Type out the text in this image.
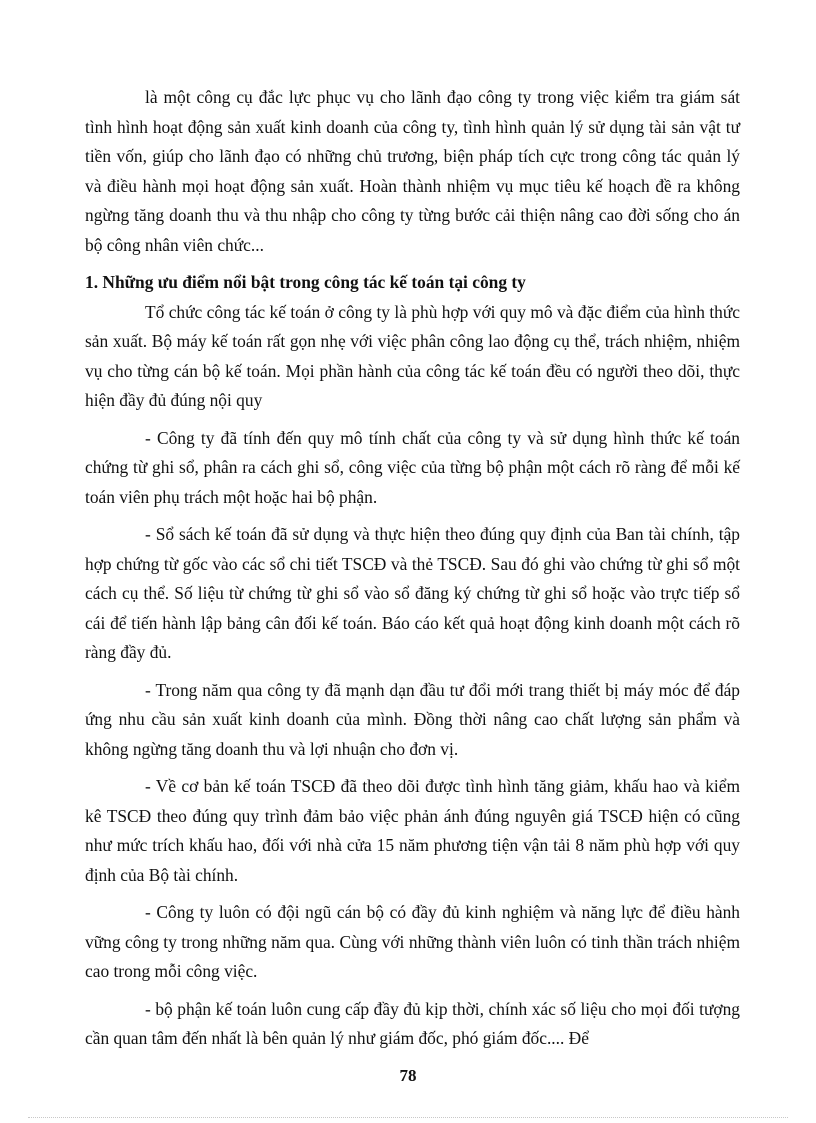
là một công cụ đắc lực phục vụ cho lãnh đạo công ty trong việc kiểm tra giám sát tình hình hoạt động sản xuất kinh doanh của công ty, tình hình quản lý sử dụng tài sản vật tư tiền vốn, giúp cho lãnh đạo có những chủ trương, biện pháp tích cực trong công tác quản lý và điều hành mọi hoạt động sản xuất. Hoàn thành nhiệm vụ mục tiêu kế hoạch đề ra không ngừng tăng doanh thu và thu nhập cho công ty từng bước cải thiện nâng cao đời sống cho án bộ công nhân viên chức...

1. Những ưu điểm nổi bật trong công tác kế toán tại công ty

Tổ chức công tác kế toán ở công ty là phù hợp với quy mô và đặc điểm của hình thức sản xuất. Bộ máy kế toán rất gọn nhẹ với việc phân công lao động cụ thể, trách nhiệm, nhiệm vụ cho từng cán bộ kế toán. Mọi phần hành của công tác kế toán đều có người theo dõi, thực hiện đầy đủ đúng nội quy

- Công ty đã tính đến quy mô tính chất của công ty và sử dụng hình thức kế toán chứng từ ghi sổ, phân ra cách ghi sổ, công việc của từng bộ phận một cách rõ ràng để mỗi kế toán viên phụ trách một hoặc hai bộ phận.

- Sổ sách kế toán đã sử dụng và thực hiện theo đúng quy định của Ban tài chính, tập hợp chứng từ gốc vào các sổ chi tiết TSCĐ và thẻ TSCĐ. Sau đó ghi vào chứng từ ghi sổ một cách cụ thể. Số liệu từ chứng từ ghi sổ vào sổ đăng ký chứng từ ghi sổ hoặc vào trực tiếp sổ cái để tiến hành lập bảng cân đối kế toán. Báo cáo kết quả hoạt động kinh doanh một cách rõ ràng đầy đủ.

- Trong năm qua công ty đã mạnh dạn đầu tư đổi mới trang thiết bị máy móc để đáp ứng nhu cầu sản xuất kinh doanh của mình. Đồng thời nâng cao chất lượng sản phẩm và không ngừng tăng doanh thu và lợi nhuận cho đơn vị.

- Về cơ bản kế toán TSCĐ đã theo dõi được tình hình tăng giảm, khấu hao và kiểm kê TSCĐ theo đúng quy trình đảm bảo việc phản ánh đúng nguyên giá TSCĐ hiện có cũng như mức trích khấu hao, đối với nhà cửa 15 năm phương tiện vận tải 8 năm phù hợp với quy định của Bộ tài chính.

- Công ty luôn có đội ngũ cán bộ có đầy đủ kinh nghiệm và năng lực để điều hành vững công ty trong những năm qua. Cùng với những thành viên luôn có tinh thần trách nhiệm cao trong mỗi công việc.

- bộ phận kế toán luôn cung cấp đầy đủ kịp thời, chính xác số liệu cho mọi đối tượng cần quan tâm đến nhất là bên quản lý như giám đốc, phó giám đốc.... Để

78
